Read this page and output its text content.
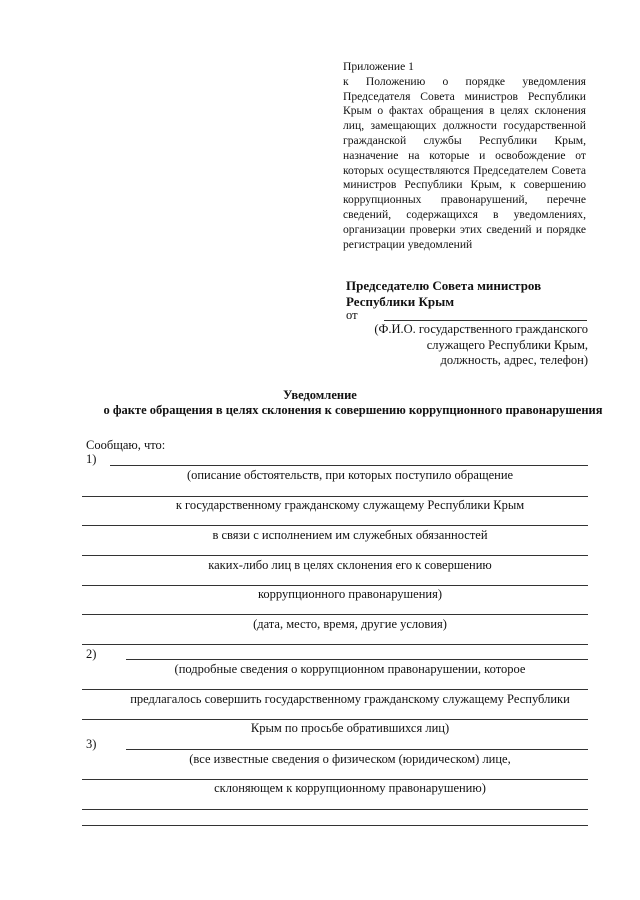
Приложение 1
к Положению о порядке уведомления Председателя Совета министров Республики Крым о фактах обращения в целях склонения лиц, замещающих должности государственной гражданской службы Республики Крым, назначение на которые и освобождение от которых осуществляются Председателем Совета министров Республики Крым, к совершению коррупционных правонарушений, перечне сведений, содержащихся в уведомлениях, организации проверки этих сведений и порядке регистрации уведомлений
Председателю Совета министров
Республики Крым
от
(Ф.И.О. государственного гражданского
служащего Республики Крым,
должность, адрес, телефон)
Уведомление
о факте обращения в целях склонения к совершению коррупционного правонарушения
Сообщаю, что:
1)
(описание обстоятельств, при которых поступило обращение
к государственному гражданскому служащему Республики Крым
в связи с исполнением им служебных обязанностей
каких-либо лиц в целях склонения его к совершению
коррупционного правонарушения)
(дата, место, время, другие условия)
2)
(подробные сведения о коррупционном правонарушении, которое
предлагалось совершить государственному гражданскому служащему Республики
Крым по просьбе обратившихся лиц)
3)
(все известные сведения о физическом (юридическом) лице,
склоняющем к коррупционному правонарушению)
